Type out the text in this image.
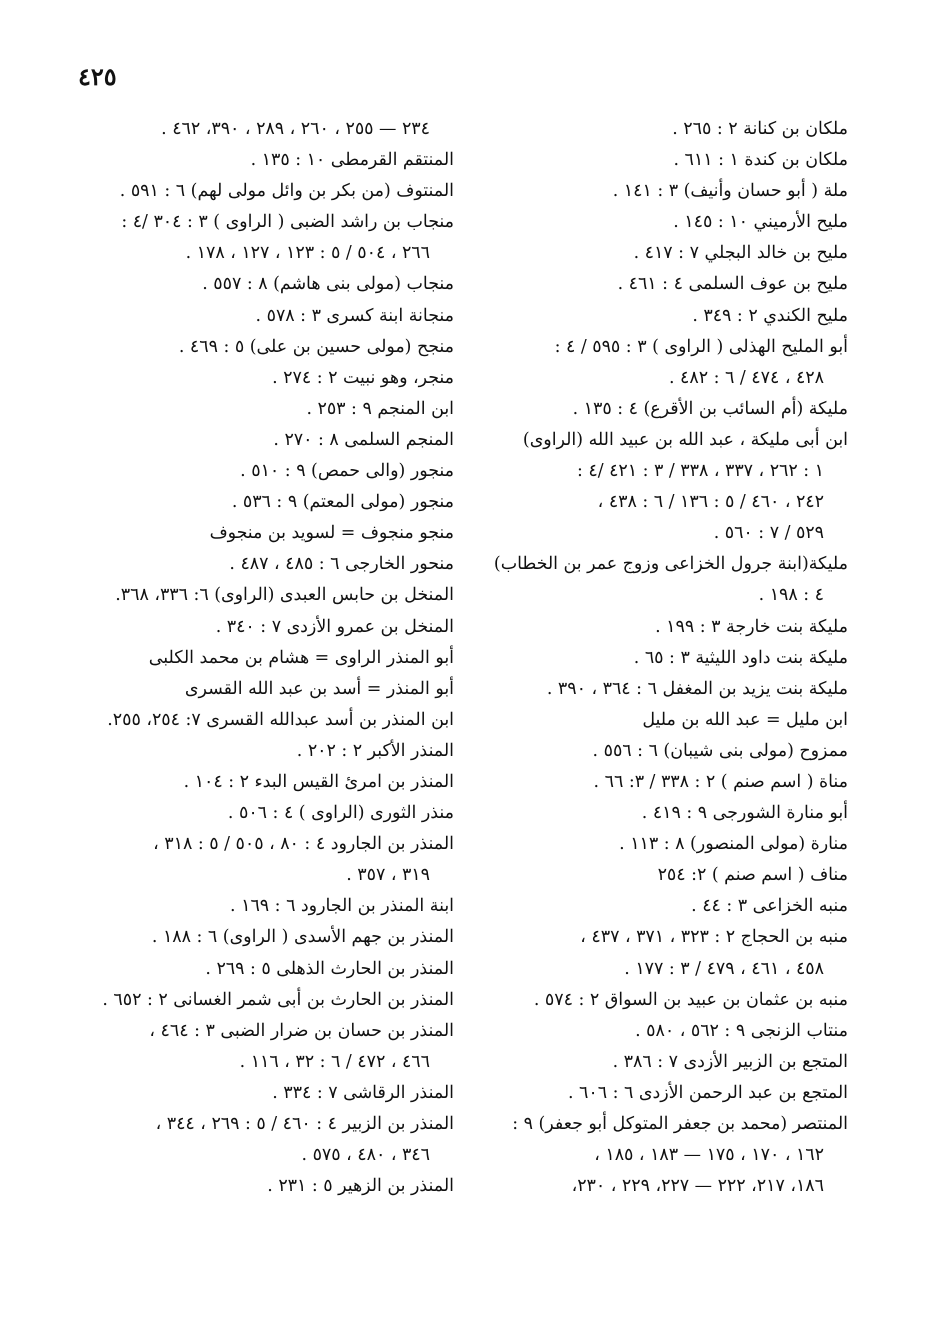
٤٢٥
ملكان بن كنانة ٢ : ٢٦٥ .
ملكان بن كندة ١ : ٦١١ .
ملة ( أبو حسان وأنيف) ٣ : ١٤١ .
مليح الأرميني ١٠ : ١٤٥ .
مليح بن خالد البجلي ٧ : ٤١٧ .
مليح بن عوف السلمى ٤ : ٤٦١ .
مليح الكندي ٢ : ٣٤٩ .
أبو المليح الهذلى ( الراوى ) ٣ : ٥٩٥ / ٤ :
٤٢٨ ، ٤٧٤ / ٦ : ٤٨٢ .
مليكة (أم السائب بن الأقرع) ٤ : ١٣٥ .
ابن أبى مليكة ، عبد الله بن عبيد الله (الراوى)
١ : ٢٦٢ ، ٣٣٧ ، ٣٣٨ / ٣ : ٤٢١ /٤ :
٢٤٢ ، ٤٦٠ / ٥ : ١٣٦ / ٦ : ٤٣٨ ،
٥٢٩ / ٧ : ٥٦٠ .
مليكة(ابنة جرول الخزاعى وزوج عمر بن الخطاب)
٤ : ١٩٨ .
مليكة بنت خارجة ٣ : ١٩٩ .
مليكة بنت داود الليثية ٣ : ٦٥ .
مليكة بنت يزيد بن المغفل ٦ : ٣٦٤ ، ٣٩٠ .
ابن مليل = عبد الله بن مليل
ممزوح (مولى بنى شيبان) ٦ : ٥٥٦ .
مناة ( اسم صنم ) ٢ : ٣٣٨ / ٣: ٦٦ .
أبو منارة الشورجى ٩ : ٤١٩ .
منارة (مولى المنصور) ٨ : ١١٣ .
مناف ( اسم صنم ) ٢: ٢٥٤
منبه الخزاعى ٣ : ٤٤ .
منبه بن الحجاج ٢ : ٣٢٣ ، ٣٧١ ، ٤٣٧ ،
٤٥٨ ، ٤٦١ ، ٤٧٩ / ٣ : ١٧٧ .
منبه بن عثمان بن عبيد بن السواق ٢ : ٥٧٤ .
منتاب الزنجى ٩ : ٥٦٢ ، ٥٨٠ .
المتجع بن الزبير الأزدى ٧ : ٣٨٦ .
المتجع بن عبد الرحمن الأزدى ٦ : ٦٠٦ .
المنتصر (محمد بن جعفر المتوكل أبو جعفر) ٩ :
١٦٢ ، ١٧٠ ، ١٧٥ — ١٨٣ ، ١٨٥ ،
١٨٦، ٢١٧، ٢٢٢ — ٢٢٧، ٢٢٩ ، ٢٣٠،
٢٣٤ — ٢٥٥ ، ٢٦٠ ، ٢٨٩ ، ٣٩٠، ٤٦٢ .
المنتقم القرمطى ١٠ : ١٣٥ .
المنتوف (من بكر بن وائل مولى لهم) ٦ : ٥٩١ .
منجاب بن راشد الضبى ( الراوى ) ٣ : ٣٠٤ /٤ :
٢٦٦ ، ٥٠٤ / ٥ : ١٢٣ ، ١٢٧ ، ١٧٨ .
منجاب (مولى بنى هاشم) ٨ : ٥٥٧ .
منجانة ابنة كسرى ٣ : ٥٧٨ .
منجح (مولى حسين بن على) ٥ : ٤٦٩ .
منجر، وهو نبيت ٢ : ٢٧٤ .
ابن المنجم ٩ : ٢٥٣ .
المنجم السلمى ٨ : ٢٧٠ .
منجور (والى حمص) ٩ : ٥١٠ .
منجور (مولى المعتم) ٩ : ٥٣٦ .
منجو منجوف = لسويد بن منجوف
منحور الخارجى ٦ : ٤٨٥ ، ٤٨٧ .
المنخل بن حابس العبدى (الراوى) ٦: ٣٣٦، ٣٦٨.
المنخل بن عمرو الأزدى ٧ : ٣٤٠ .
أبو المنذر الراوى = هشام بن محمد الكلبى
أبو المنذر = أسد بن عبد الله القسرى
ابن المنذر بن أسد عبدالله القسرى ٧: ٢٥٤، ٢٥٥.
المنذر الأكبر ٢ : ٢٠٢ .
المنذر بن امرئ القيس البدء ٢ : ١٠٤ .
منذر الثورى (الراوى ) ٤ : ٥٠٦ .
المنذر بن الجارود ٤ : ٨٠ ، ٥٠٥ / ٥ : ٣١٨ ،
٣١٩ ، ٣٥٧ .
ابنة المنذر بن الجارود ٦ : ١٦٩ .
المنذر بن جهم الأسدى ( الراوى) ٦ : ١٨٨ .
المنذر بن الحارث الذهلى ٥ : ٢٦٩ .
المنذر بن الحارث بن أبى شمر الغسانى ٢ : ٦٥٢ .
المنذر بن حسان بن ضرار الضبى ٣ : ٤٦٤ ،
٤٦٦ ، ٤٧٢ / ٦ : ٣٢ ، ١١٦ .
المنذر الرقاشى ٧ : ٣٣٤ .
المنذر بن الزبير ٤ : ٤٦٠ / ٥ : ٢٦٩ ، ٣٤٤ ،
٣٤٦ ، ٤٨٠ ، ٥٧٥ .
المنذر بن الزهير ٥ : ٢٣١ .
